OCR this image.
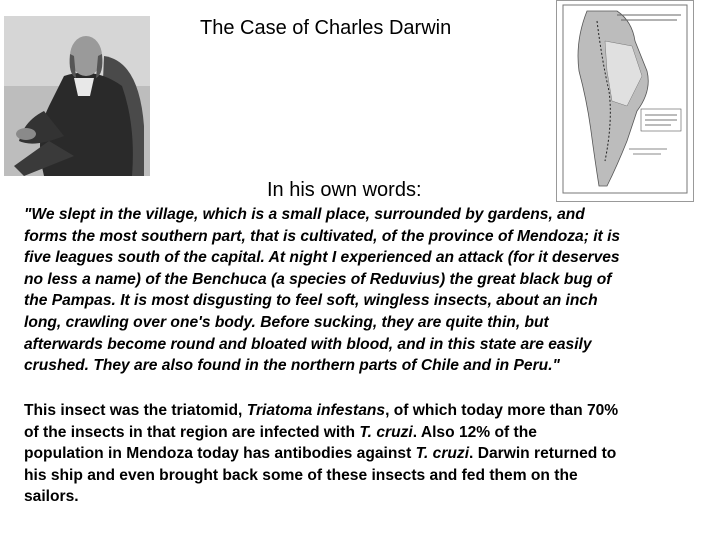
The Case of Charles Darwin
In his own words:
"We slept in the village, which is a small place, surrounded by gardens, and
forms the most southern part, that is cultivated, of the province of Mendoza; it is
five leagues south of the capital. At night I experienced an attack (for it deserves
no less a name) of the Benchuca (a species of Reduvius) the great black bug of
the Pampas. It is most disgusting to feel soft, wingless insects, about an inch
long, crawling over one's body. Before sucking, they are quite thin, but
afterwards become round and bloated with blood, and in this state are easily
crushed. They are also found in the northern parts of Chile and in Peru."
This insect was the triatomid, Triatoma infestans, of which today more than 70%
of the insects in that region are infected with T. cruzi. Also 12% of the
population in Mendoza today has antibodies against T. cruzi. Darwin returned to
his ship and even brought back some of these insects and fed them on the
sailors.
